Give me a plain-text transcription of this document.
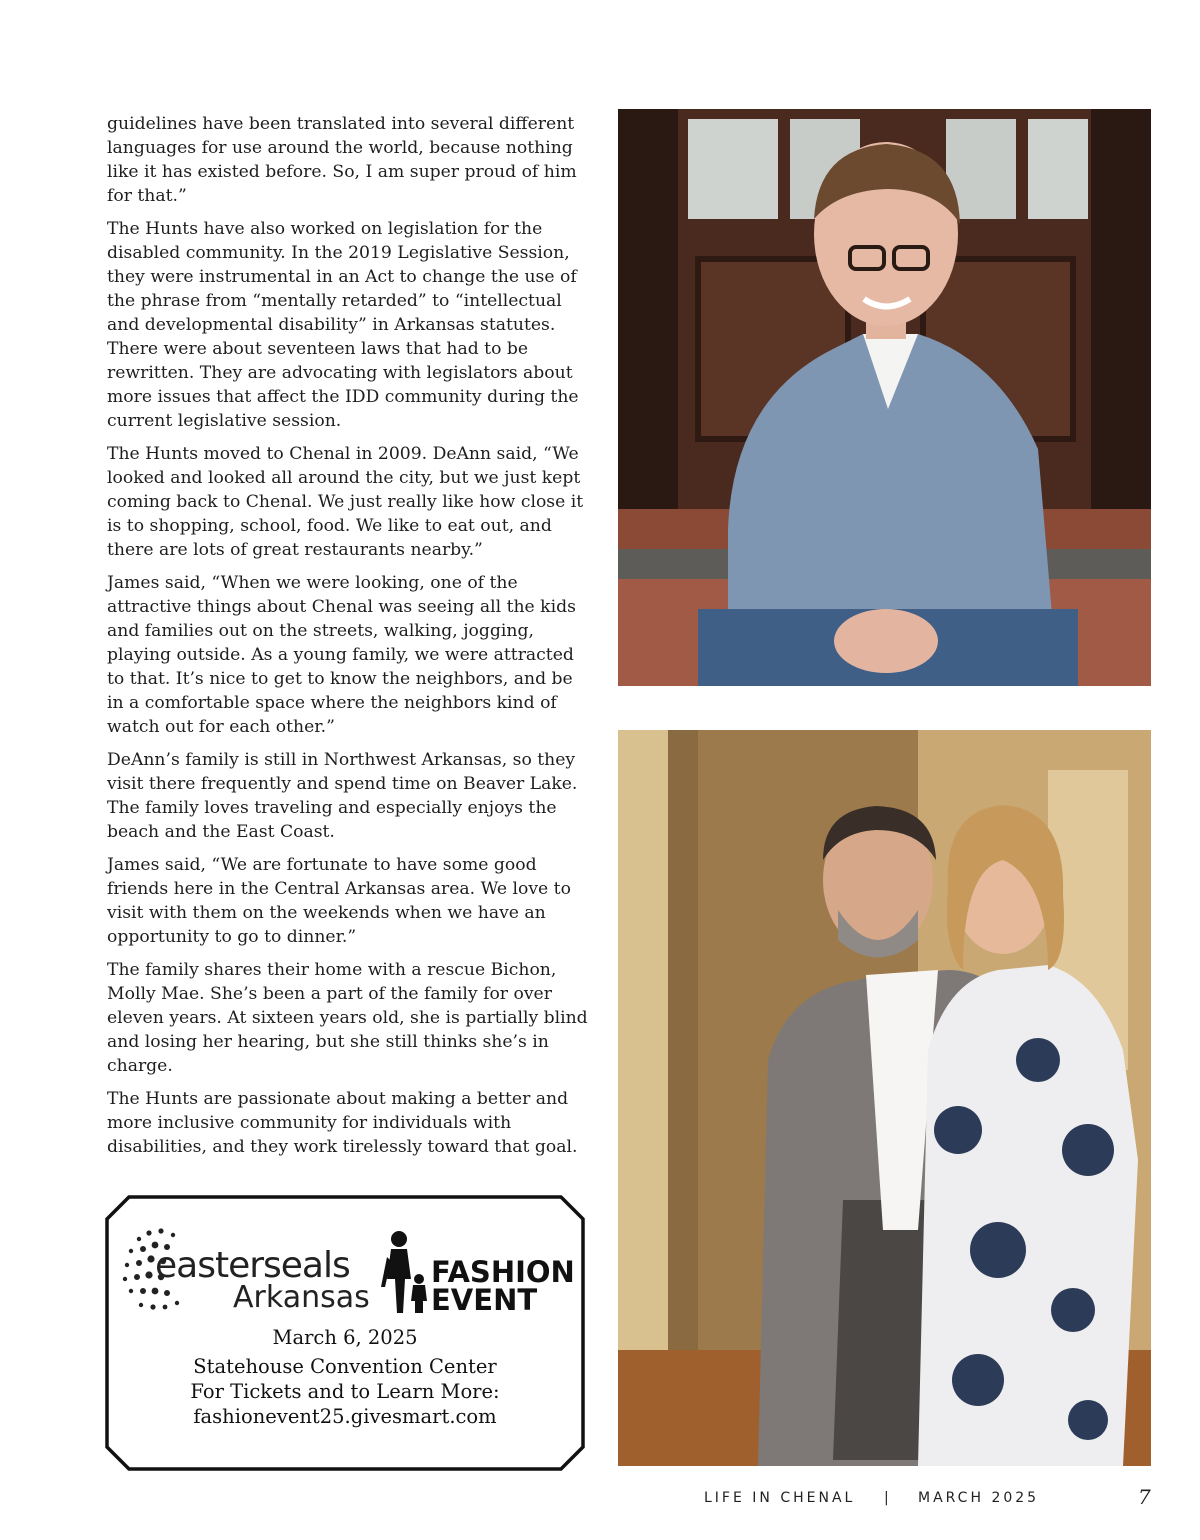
guidelines have been translated into several different languages for use around the world, because nothing like it has existed before. So, I am super proud of him for that.”

The Hunts have also worked on legislation for the disabled community. In the 2019 Legislative Session, they were instrumental in an Act to change the use of the phrase from “mentally retarded” to “intellectual and developmental disability” in Arkansas statutes. There were about seventeen laws that had to be rewritten. They are advocating with legislators about more issues that affect the IDD community during the current legislative session.

The Hunts moved to Chenal in 2009. DeAnn said, “We looked and looked all around the city, but we just kept coming back to Chenal. We just really like how close it is to shopping, school, food. We like to eat out, and there are lots of great restaurants nearby.”

James said, “When we were looking, one of the attractive things about Chenal was seeing all the kids and families out on the streets, walking, jogging, playing outside. As a young family, we were attracted to that. It’s nice to get to know the neighbors, and be in a comfortable space where the neighbors kind of watch out for each other.”

DeAnn’s family is still in Northwest Arkansas, so they visit there frequently and spend time on Beaver Lake. The family loves traveling and especially enjoys the beach and the East Coast.

James said, “We are fortunate to have some good friends here in the Central Arkansas area. We love to visit with them on the weekends when we have an opportunity to go to dinner.”

The family shares their home with a rescue Bichon, Molly Mae. She’s been a part of the family for over eleven years. At sixteen years old, she is partially blind and losing her hearing, but she still thinks she’s in charge.

The Hunts are passionate about making a better and more inclusive community for individuals with disabilities, and they work tirelessly toward that goal.

easterseals
Arkansas
FASHION
EVENT
March 6, 2025
Statehouse Convention Center
For Tickets and to Learn More:
fashionevent25.givesmart.com
LIFE IN CHENAL | MARCH 2025	7
